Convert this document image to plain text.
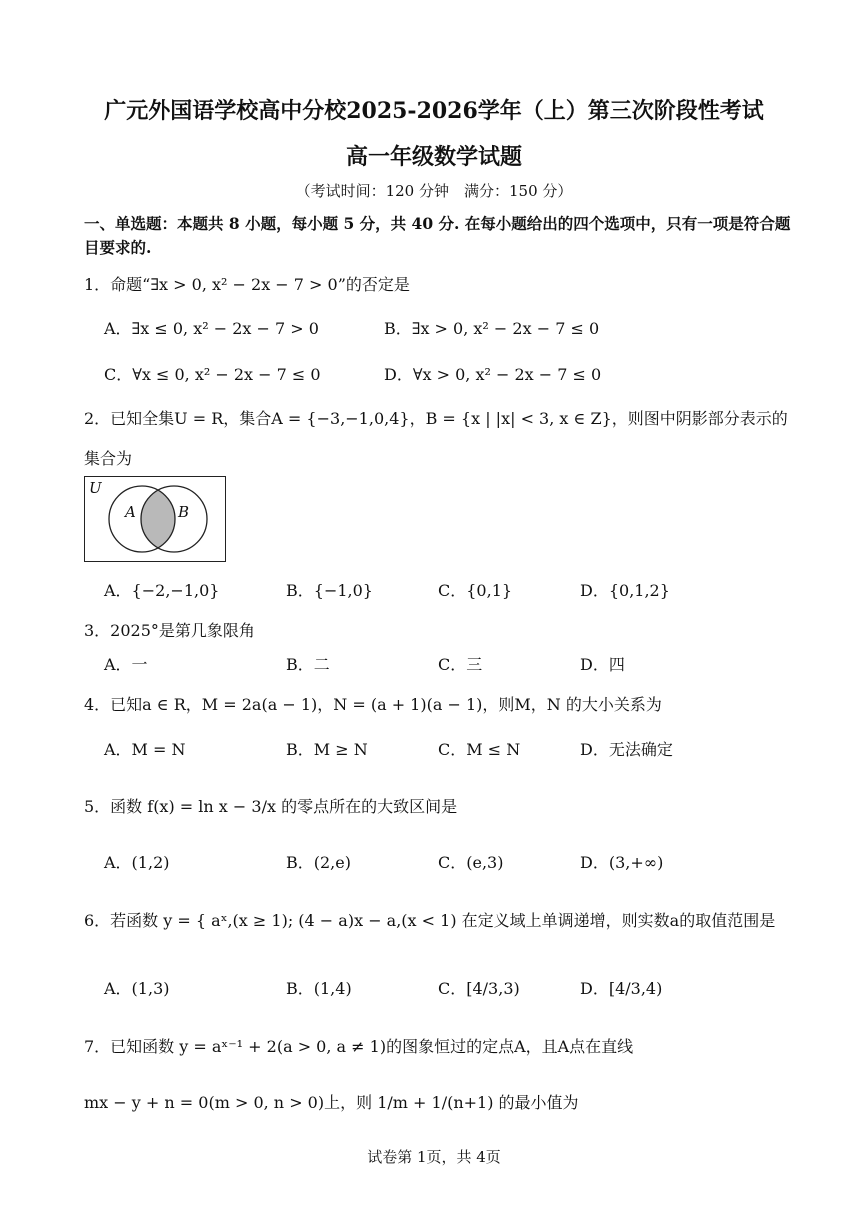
广元外国语学校高中分校2025-2026学年（上）第三次阶段性考试
高一年级数学试题
（考试时间：120 分钟　满分：150 分）
一、单选题：本题共 8 小题，每小题 5 分，共 40 分. 在每小题给出的四个选项中，只有一项是符合题目要求的.
1．命题“∃x > 0, x² − 2x − 7 > 0”的否定是
A．∃x ≤ 0, x² − 2x − 7 > 0	B．∃x > 0, x² − 2x − 7 ≤ 0
C．∀x ≤ 0, x² − 2x − 7 ≤ 0	D．∀x > 0, x² − 2x − 7 ≤ 0
2．已知全集U = R，集合A = {−3,−1,0,4}，B = {x | |x| < 3, x ∈ Z}，则图中阴影部分表示的
集合为
U
A	B
A．{−2,−1,0}	B．{−1,0}	C．{0,1}	D．{0,1,2}
3．2025°是第几象限角
A．一	B．二	C．三	D．四
4．已知a ∈ R，M = 2a(a − 1)，N = (a + 1)(a − 1)，则M，N 的大小关系为
A．M = N	B．M ≥ N	C．M ≤ N	D．无法确定
5．函数 f(x) = ln x − 3/x 的零点所在的大致区间是
A．(1,2)	B．(2,e)	C．(e,3)	D．(3,+∞)
6．若函数 y = { aˣ,(x ≥ 1); (4 − a)x − a,(x < 1) 在定义域上单调递增，则实数a的取值范围是
A．(1,3)	B．(1,4)	C．[4/3,3)	D．[4/3,4)
7．已知函数 y = aˣ⁻¹ + 2(a > 0, a ≠ 1)的图象恒过的定点A，且A点在直线
mx − y + n = 0(m > 0, n > 0)上，则 1/m + 1/(n+1) 的最小值为
试卷第 1页，共 4页
